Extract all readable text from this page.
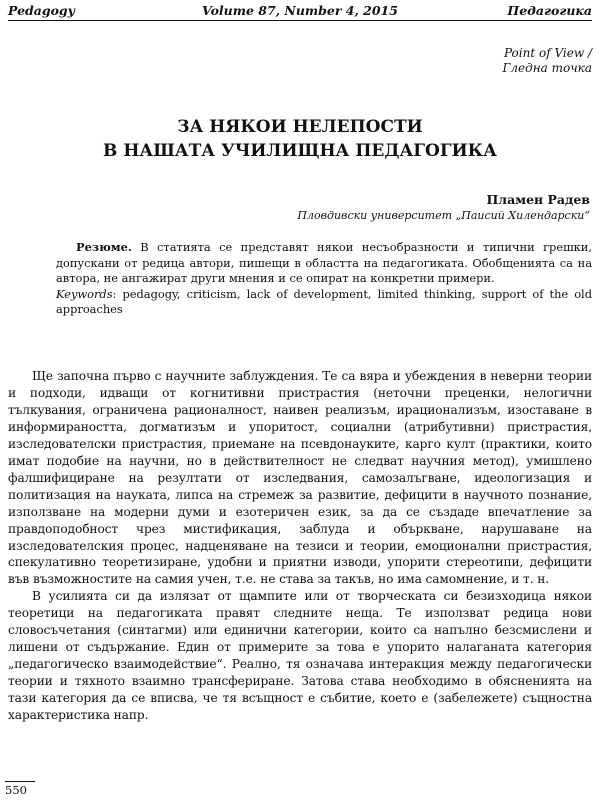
Pedagogy	Volume 87, Number 4, 2015	Педагогика
Point of View /
Гледна точка
ЗА НЯКОИ НЕЛЕПОСТИ
В НАШАТА УЧИЛИЩНА ПЕДАГОГИКА
Пламен Радев
Пловдивски университет „Паисий Хилендарски“

Резюме. В статията се представят някои несъобразности и типични грешки, допускани от редица автори, пишещи в областта на педагогиката. Обобщенията са на автора, не ангажират други мнения и се опират на конкретни примери.

Keywords: pedagogy, criticism, lack of development, limited thinking, support of the old approaches

Ще започна първо с научните заблуждения. Те са вяра и убеждения в неверни теории и подходи, идващи от когнитивни пристрастия (неточни преценки, нелогични тълкувания, ограничена рационалност, наивен реализъм, ирационализъм, изоставане в информираността, догматизъм и упоритост, социални (атрибутивни) пристрастия, изследователски пристрастия, приемане на псевдонауките, карго култ (практики, които имат подобие на научни, но в действителност не следват научния метод), умишлено фалшифициране на резултати от изследвания, самозалъгване, идеологизация и политизация на науката, липса на стремеж за развитие, дефицити в научното познание, използване на модерни думи и езотеричен език, за да се създаде впечатление за правдоподобност чрез мистификация, заблуда и объркване, нарушаване на изследователския процес, надценяване на тезиси и теории, емоционални пристрастия, спекулативно теоретизиране, удобни и приятни изводи, упорити стереотипи, дефицити във възможностите на самия учен, т.е. не става за такъв, но има самомнение, и т. н.

В усилията си да излязат от щампите или от творческата си безизходица някои теоретици на педагогиката правят следните неща. Те използват редица нови словосъчетания (синтагми) или единични категории, които са напълно безсмислени и лишени от съдържание. Един от примерите за това е упорито налаганата категория „педагогическо взаимодействие“. Реално, тя означава интеракция между педагогически теории и тяхното взаимно трансфериране. Затова става необходимо в обясненията на тази категория да се вписва, че тя всъщност е събитие, което е (забележете) същностна характеристика напр.

550
